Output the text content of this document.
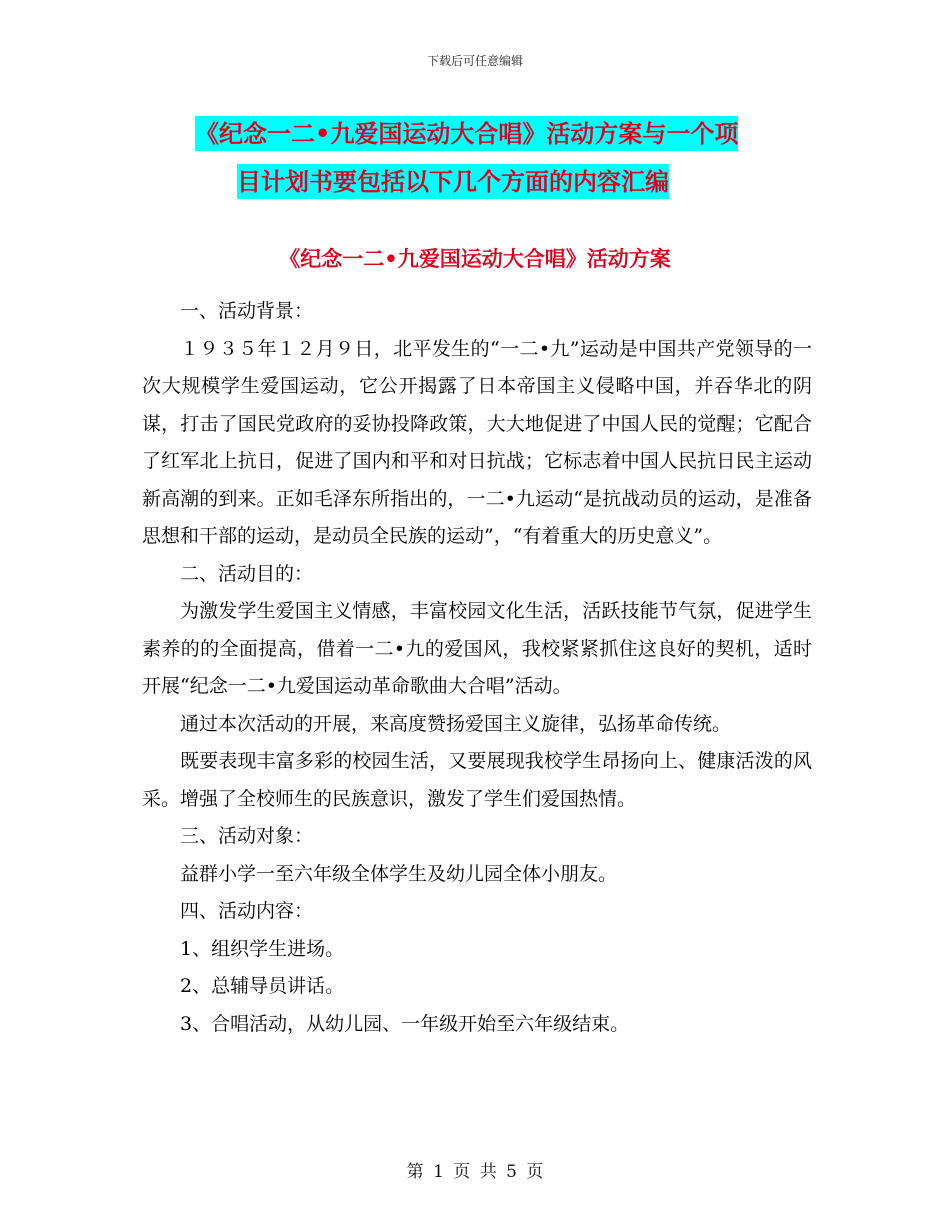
下载后可任意编辑
《纪念一二•九爱国运动大合唱》活动方案与一个项
目计划书要包括以下几个方面的内容汇编
《纪念一二•九爱国运动大合唱》活动方案

一、活动背景：

１９３５年１２月９日，北平发生的“一二•九”运动是中国共产党领导的一次大规模学生爱国运动，它公开揭露了日本帝国主义侵略中国，并吞华北的阴谋，打击了国民党政府的妥协投降政策，大大地促进了中国人民的觉醒；它配合了红军北上抗日，促进了国内和平和对日抗战；它标志着中国人民抗日民主运动新高潮的到来。正如毛泽东所指出的，一二•九运动“是抗战动员的运动，是准备思想和干部的运动，是动员全民族的运动”，“有着重大的历史意义”。

二、活动目的：

为激发学生爱国主义情感，丰富校园文化生活，活跃技能节气氛，促进学生素养的的全面提高，借着一二•九的爱国风，我校紧紧抓住这良好的契机，适时开展“纪念一二•九爱国运动革命歌曲大合唱”活动。

通过本次活动的开展，来高度赞扬爱国主义旋律，弘扬革命传统。

既要表现丰富多彩的校园生活，又要展现我校学生昂扬向上、健康活泼的风采。增强了全校师生的民族意识，激发了学生们爱国热情。

三、活动对象：

益群小学一至六年级全体学生及幼儿园全体小朋友。

四、活动内容：

1、组织学生进场。

2、总辅导员讲话。

3、合唱活动，从幼儿园、一年级开始至六年级结束。

第 1 页 共 5 页
